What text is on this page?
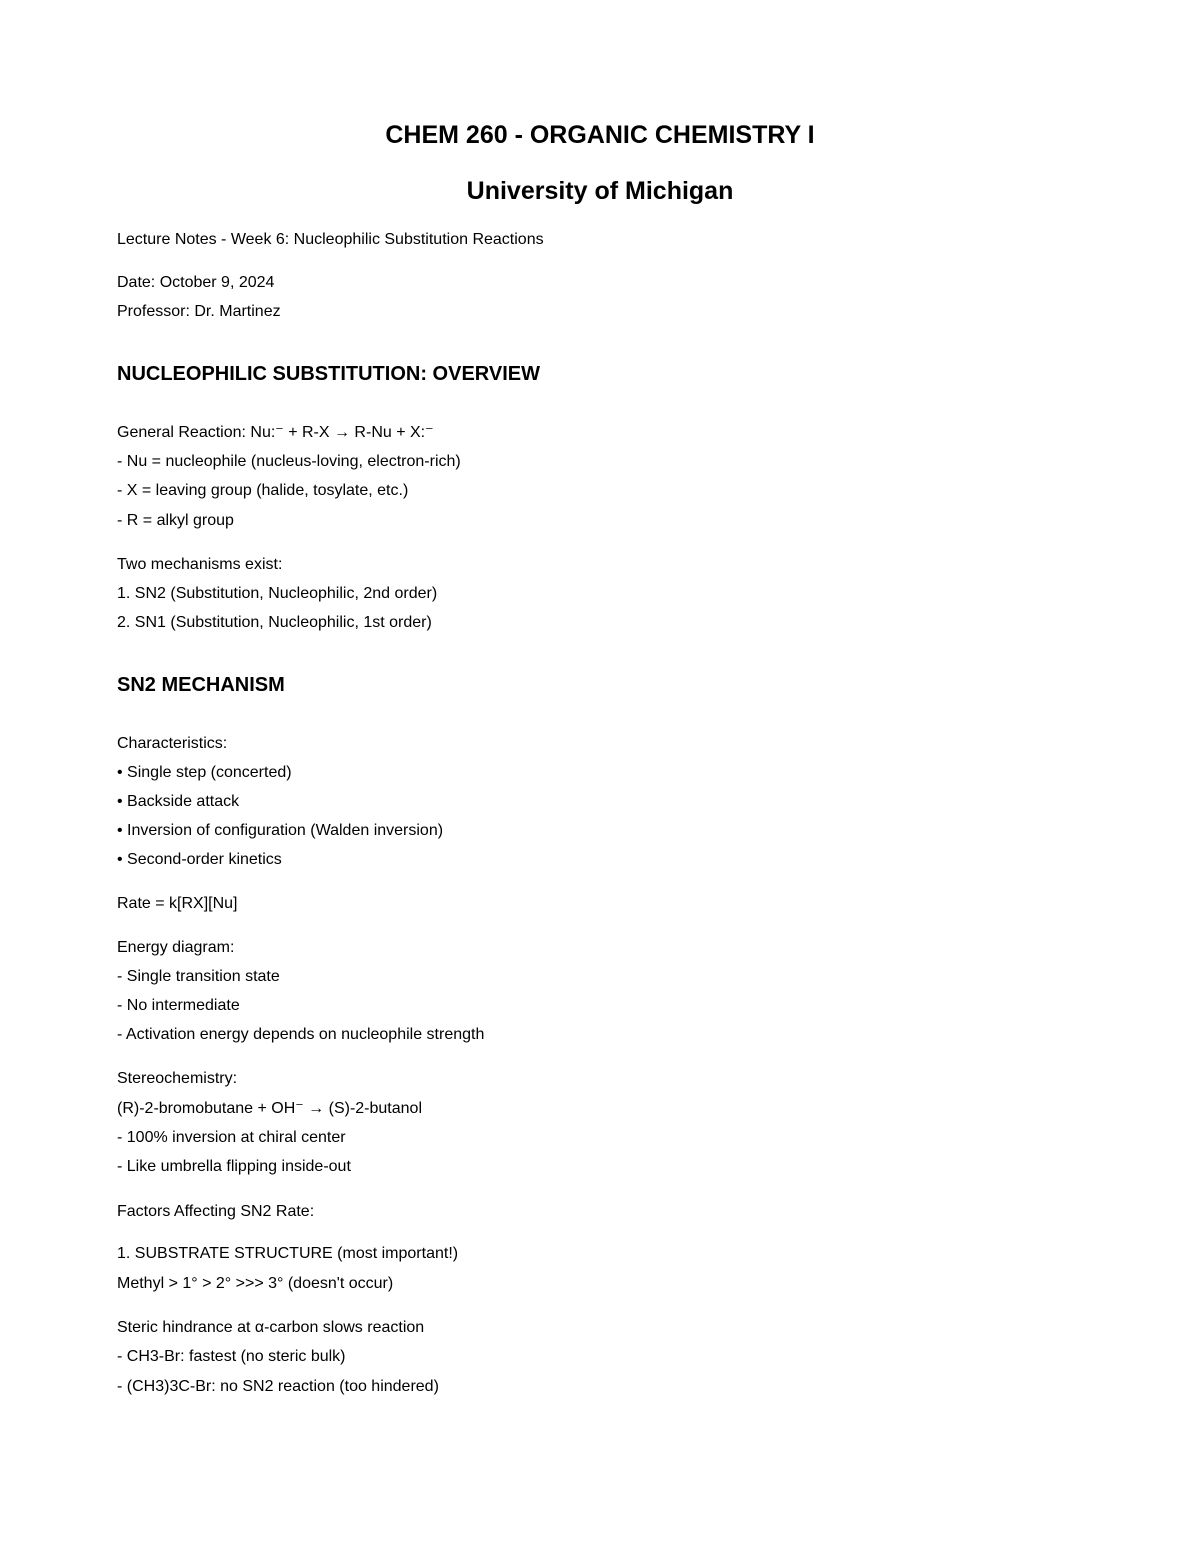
CHEM 260 - ORGANIC CHEMISTRY I
University of Michigan
Lecture Notes - Week 6: Nucleophilic Substitution Reactions
Date: October 9, 2024
Professor: Dr. Martinez
NUCLEOPHILIC SUBSTITUTION: OVERVIEW
General Reaction: Nu:⁻ + R-X → R-Nu + X:⁻
- Nu = nucleophile (nucleus-loving, electron-rich)
- X = leaving group (halide, tosylate, etc.)
- R = alkyl group
Two mechanisms exist:
1. SN2 (Substitution, Nucleophilic, 2nd order)
2. SN1 (Substitution, Nucleophilic, 1st order)
SN2 MECHANISM
Characteristics:
• Single step (concerted)
• Backside attack
• Inversion of configuration (Walden inversion)
• Second-order kinetics
Rate = k[RX][Nu]
Energy diagram:
- Single transition state
- No intermediate
- Activation energy depends on nucleophile strength
Stereochemistry:
(R)-2-bromobutane + OH⁻ → (S)-2-butanol
- 100% inversion at chiral center
- Like umbrella flipping inside-out
Factors Affecting SN2 Rate:
1. SUBSTRATE STRUCTURE (most important!)
Methyl > 1° > 2° >>> 3° (doesn't occur)
Steric hindrance at α-carbon slows reaction
- CH3-Br: fastest (no steric bulk)
- (CH3)3C-Br: no SN2 reaction (too hindered)
